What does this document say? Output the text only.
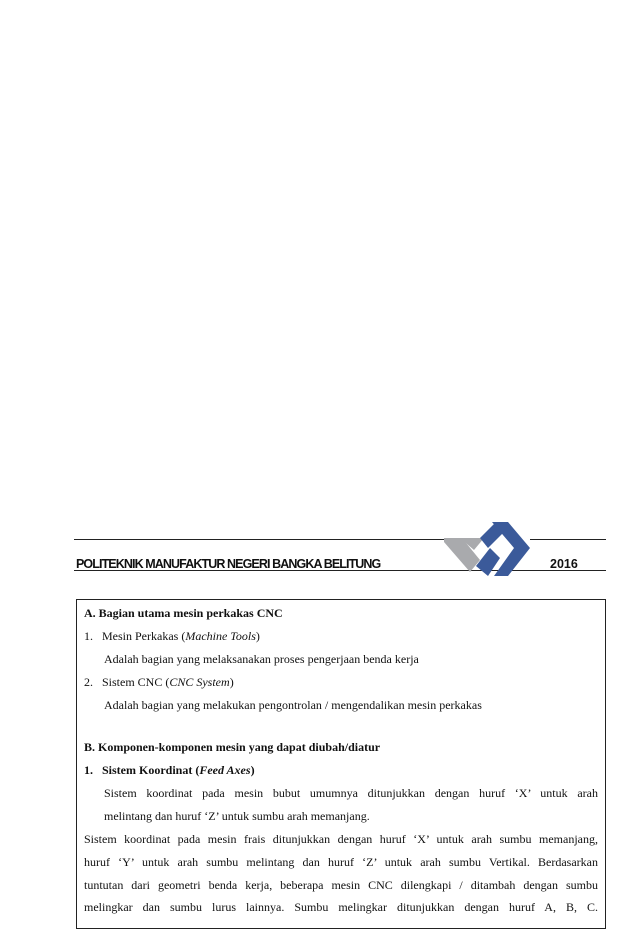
POLITEKNIK MANUFAKTUR NEGERI BANGKA BELITUNG	2016
A. Bagian utama mesin perkakas CNC
1. Mesin Perkakas (Machine Tools)
Adalah bagian yang melaksanakan proses pengerjaan benda kerja
2. Sistem CNC (CNC System)
Adalah bagian yang melakukan pengontrolan / mengendalikan mesin perkakas
B. Komponen-komponen mesin yang dapat diubah/diatur
1. Sistem Koordinat (Feed Axes)
Sistem koordinat pada mesin bubut umumnya ditunjukkan dengan huruf ‘X’ untuk arah
melintang dan huruf ‘Z’ untuk sumbu arah memanjang.
Sistem koordinat pada mesin frais ditunjukkan dengan huruf ‘X’ untuk arah sumbu memanjang,
huruf ‘Y’ untuk arah sumbu melintang dan huruf ‘Z’ untuk arah sumbu Vertikal. Berdasarkan
tuntutan dari geometri benda kerja, beberapa mesin CNC dilengkapi / ditambah dengan sumbu
melingkar dan sumbu lurus lainnya. Sumbu melingkar ditunjukkan dengan huruf A, B, C.
